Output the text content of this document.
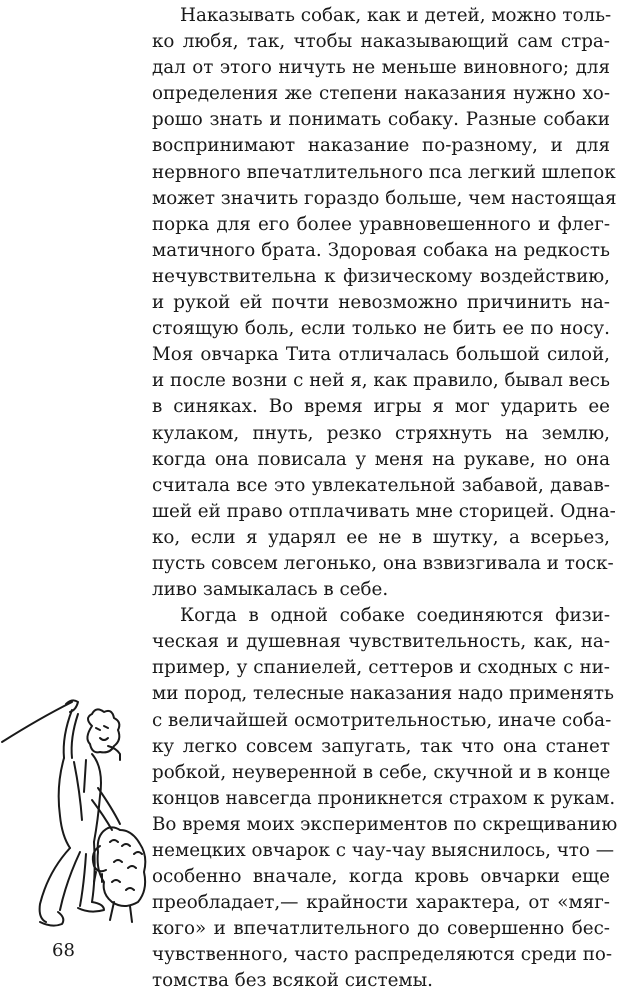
Наказывать собак, как и детей, можно толь-
ко любя, так, чтобы наказывающий сам стра-
дал от этого ничуть не меньше виновного; для
определения же степени наказания нужно хо-
рошо знать и понимать собаку. Разные собаки
воспринимают наказание по-разному, и для
нервного впечатлительного пса легкий шлепок
может значить гораздо больше, чем настоящая
порка для его более уравновешенного и флег-
матичного брата. Здоровая собака на редкость
нечувствительна к физическому воздействию,
и рукой ей почти невозможно причинить на-
стоящую боль, если только не бить ее по носу.
Моя овчарка Тита отличалась большой силой,
и после возни с ней я, как правило, бывал весь
в синяках. Во время игры я мог ударить ее
кулаком, пнуть, резко стряхнуть на землю,
когда она повисала у меня на рукаве, но она
считала все это увлекательной забавой, давав-
шей ей право отплачивать мне сторицей. Одна-
ко, если я ударял ее не в шутку, а всерьез,
пусть совсем легонько, она взвизгивала и тоск-
ливо замыкалась в себе.
Когда в одной собаке соединяются физи-
ческая и душевная чувствительность, как, на-
пример, у спаниелей, сеттеров и сходных с ни-
ми пород, телесные наказания надо применять
с величайшей осмотрительностью, иначе соба-
ку легко совсем запугать, так что она станет
робкой, неуверенной в себе, скучной и в конце
концов навсегда проникнется страхом к рукам.
Во время моих экспериментов по скрещиванию
немецких овчарок с чау-чау выяснилось, что —
особенно вначале, когда кровь овчарки еще
преобладает,— крайности характера, от «мяг-
кого» и впечатлительного до совершенно бес-
чувственного, часто распределяются среди по-
томства без всякой системы.
68
